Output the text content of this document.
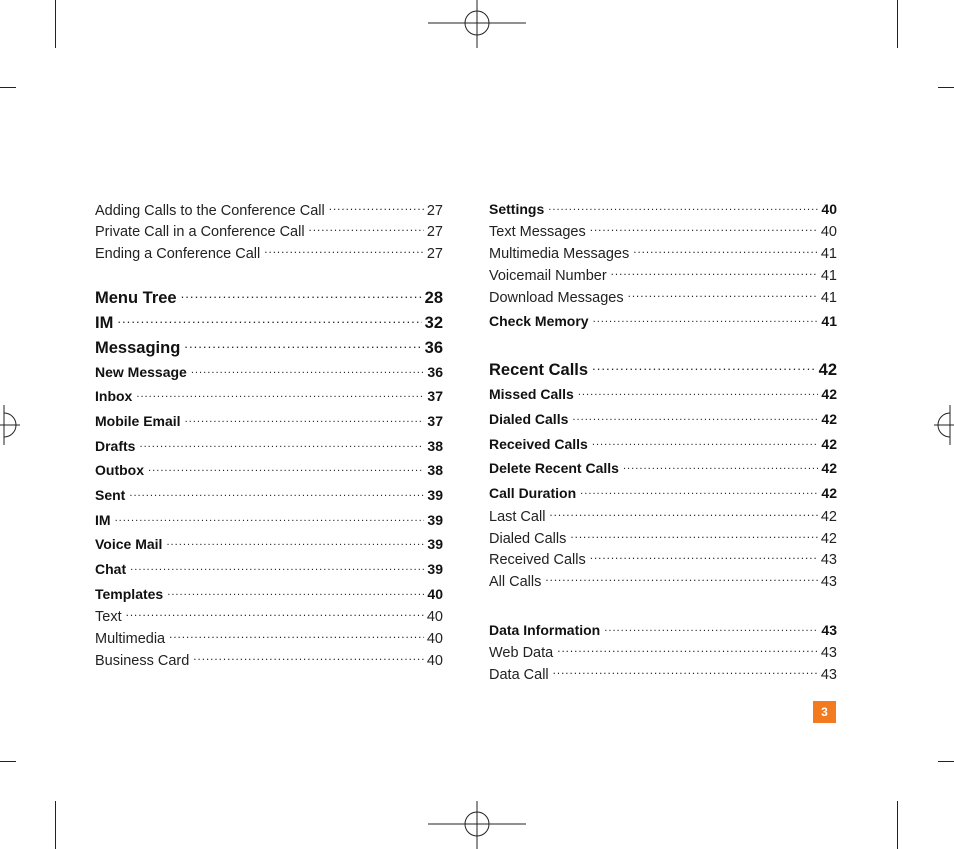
Adding Calls to the Conference Call .....	27
Private Call in a Conference Call .....	27
Ending a Conference Call .....	27
Menu Tree .....	28
IM .....	32
Messaging .....	36
New Message .....	36
Inbox .....	37
Mobile Email .....	37
Drafts .....	38
Outbox .....	38
Sent .....	39
IM .....	39
Voice Mail .....	39
Chat .....	39
Templates .....	40
Text .....	40
Multimedia .....	40
Business Card .....	40
Settings .....	40
Text Messages .....	40
Multimedia Messages .....	41
Voicemail Number .....	41
Download Messages .....	41
Check Memory .....	41
Recent Calls .....	42
Missed Calls .....	42
Dialed Calls .....	42
Received Calls .....	42
Delete Recent Calls .....	42
Call Duration .....	42
Last Call .....	42
Dialed Calls .....	42
Received Calls .....	43
All Calls .....	43
Data Information .....	43
Web Data .....	43
Data Call .....	43
3
